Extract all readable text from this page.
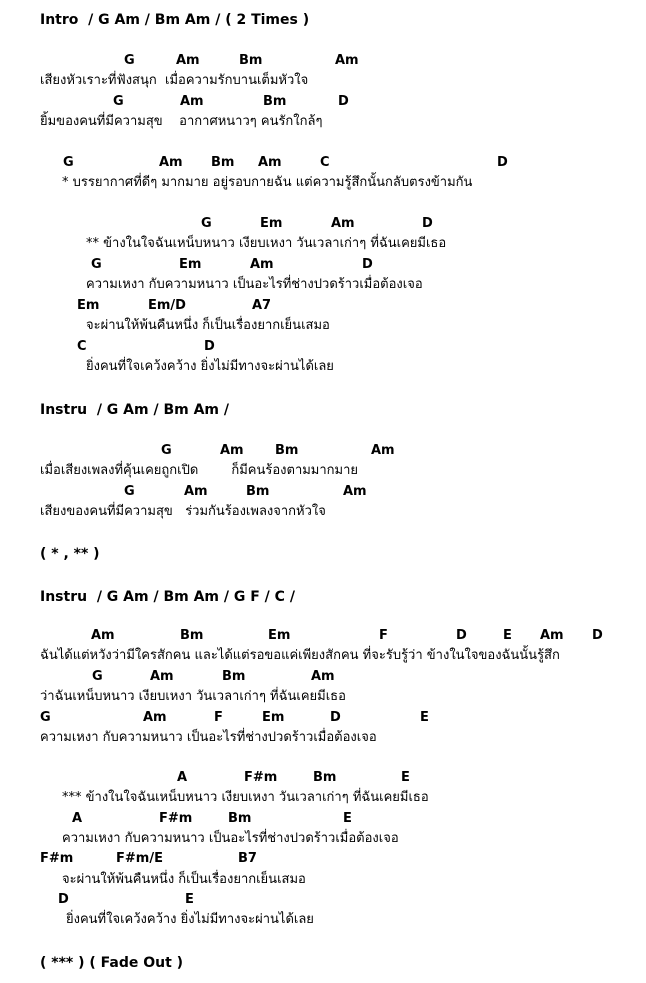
Intro  / G Am / Bm Am / ( 2 Times )

G

	Am

	Bm

	Am

เสียงหัวเราะที่ฟังสนุก  เมื่อความรักบานเต็มหัวใจ

G

	Am

	Bm

	D

ยิ้มของคนที่มีความสุข    อากาศหนาวๆ คนรักใกล้ๆ

G

	Am

Bm

Am

	C

	D

* บรรยากาศที่ดีๆ มากมาย อยู่รอบกายฉัน แต่ความรู้สึกนั้นกลับตรงข้ามกัน

G

	Em

	Am

	D

** ข้างในใจฉันเหน็บหนาว เงียบเหงา วันเวลาเก่าๆ ที่ฉันเคยมีเธอ

G

	Em

	Am

	D

ความเหงา กับความหนาว เป็นอะไรที่ช่างปวดร้าวเมื่อต้องเจอ

Em

	Em/D

	A7

จะผ่านให้พ้นคืนหนึ่ง ก็เป็นเรื่องยากเย็นเสมอ

C

	D

ยิ่งคนที่ใจเคว้งคว้าง ยิ่งไม่มีทางจะผ่านได้เลย
Instru  / G Am / Bm Am /

G

	Am

Bm

	Am

เมื่อเสียงเพลงที่คุ้นเคยถูกเปิด        ก็มีคนร้องตามมากมาย

G

	Am

	Bm

	Am

เสียงของคนที่มีความสุข   ร่วมกันร้องเพลงจากหัวใจ
( * , ** )
Instru  / G Am / Bm Am / G F / C /

Am

	Bm

	Em

	F

	D

	E

Am

D

ฉันได้แต่หวังว่ามีใครสักคน และได้แต่รอขอแค่เพียงสักคน ที่จะรับรู้ว่า ข้างในใจของฉันนั้นรู้สึก

G

	Am

	Bm

	Am

ว่าฉันเหน็บหนาว เงียบเหงา วันเวลาเก่าๆ ที่ฉันเคยมีเธอ

G

	Am

	F

	Em

	D

	E

ความเหงา กับความหนาว เป็นอะไรที่ช่างปวดร้าวเมื่อต้องเจอ

A

	F#m

	Bm

	E

*** ข้างในใจฉันเหน็บหนาว เงียบเหงา วันเวลาเก่าๆ ที่ฉันเคยมีเธอ

A

	F#m

	Bm

	E

ความเหงา กับความหนาว เป็นอะไรที่ช่างปวดร้าวเมื่อต้องเจอ

F#m

	F#m/E

	B7

จะผ่านให้พ้นคืนหนึ่ง ก็เป็นเรื่องยากเย็นเสมอ

D

	E

ยิ่งคนที่ใจเคว้งคว้าง ยิ่งไม่มีทางจะผ่านได้เลย
( *** ) ( Fade Out )
